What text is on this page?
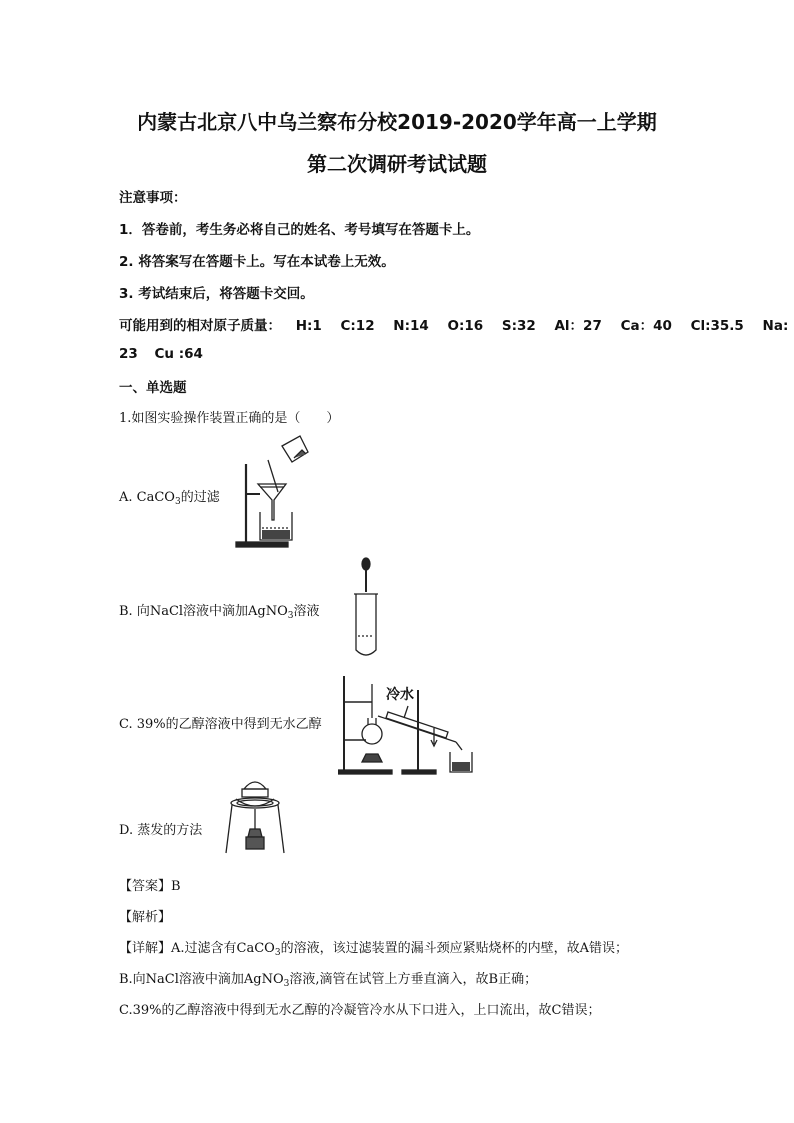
内蒙古北京八中乌兰察布分校2019-2020学年高一上学期
第二次调研考试试题
注意事项：
1．答卷前，考生务必将自己的姓名、考号填写在答题卡上。
2. 将答案写在答题卡上。写在本试卷上无效。
3. 考试结束后，将答题卡交回。
可能用到的相对原子质量： H:1 C:12 N:14 O:16 S:32 Al：27 Ca：40 Cl:35.5 Na:
23 Cu :64
一、单选题
1.如图实验操作装置正确的是（　　）
A. CaCO$_3$的过滤
B. 向NaCl溶液中滴加AgNO$_3$溶液
C. 39%的乙醇溶液中得到无水乙醇
冷水
D. 蒸发的方法
【答案】B
【解析】
【详解】A.过滤含有CaCO$_3$的溶液，该过滤装置的漏斗颈应紧贴烧杯的内壁，故A错误；
B.向NaCl溶液中滴加AgNO$_3$溶液,滴管在试管上方垂直滴入，故B正确；
C.39%的乙醇溶液中得到无水乙醇的冷凝管冷水从下口进入，上口流出，故C错误；
